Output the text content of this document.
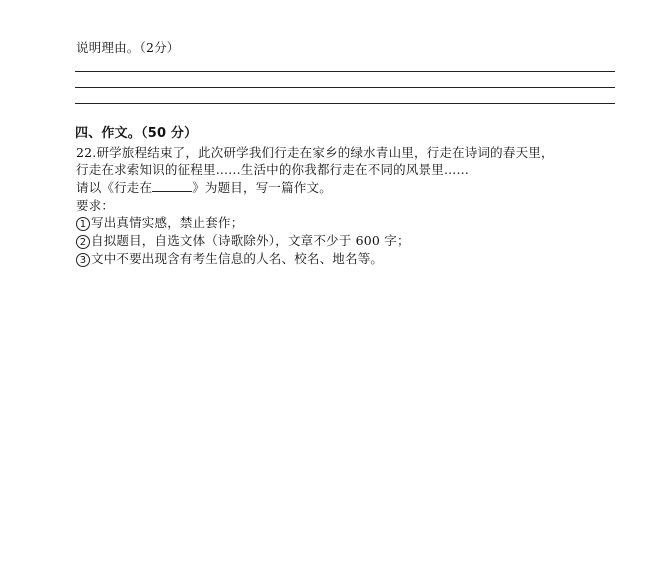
说明理由。（2分）
四、作文。（50 分）
22.研学旅程结束了，此次研学我们行走在家乡的绿水青山里，行走在诗词的春天里，
行走在求索知识的征程里......生活中的你我都行走在不同的风景里......
请以《行走在	》为题目，写一篇作文。
要求：
1 写出真情实感，禁止套作；
2 自拟题目，自选文体（诗歌除外），文章不少于 600 字；
3 文中不要出现含有考生信息的人名、校名、地名等。
